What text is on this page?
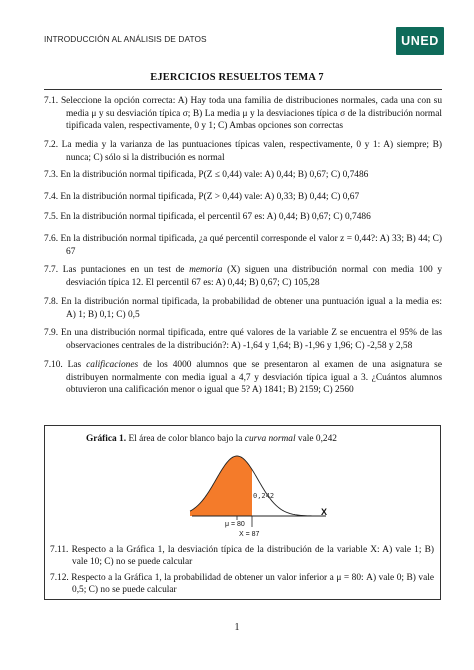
INTRODUCCIÓN AL ANÁLISIS DE DATOS	UNED
EJERCICIOS RESUELTOS TEMA 7

7.1. Seleccione la opción correcta: A) Hay toda una familia de distribuciones normales, cada una con su media μ y su desviación típica σ; B) La media μ y la desviaciones típica σ de la distribución normal tipificada valen, respectivamente, 0 y 1; C) Ambas opciones son correctas

7.2. La media y la varianza de las puntuaciones típicas valen, respectivamente, 0 y 1: A) siempre; B) nunca; C) sólo si la distribución es normal

7.3. En la distribución normal tipificada, P(Z ≤ 0,44) vale: A) 0,44; B) 0,67; C) 0,7486

7.4. En la distribución normal tipificada, P(Z > 0,44) vale: A) 0,33; B) 0,44; C) 0,67

7.5. En la distribución normal tipificada, el percentil 67 es: A) 0,44; B) 0,67; C) 0,7486

7.6. En la distribución normal tipificada, ¿a qué percentil corresponde el valor z = 0,44?: A) 33; B) 44; C) 67

7.7. Las puntaciones en un test de memoria (X) siguen una distribución normal con media 100 y desviación típica 12. El percentil 67 es: A) 0,44; B) 0,67; C) 105,28

7.8. En la distribución normal tipificada, la probabilidad de obtener una puntuación igual a la media es: A) 1; B) 0,1; C) 0,5

7.9. En una distribución normal tipificada, entre qué valores de la variable Z se encuentra el 95% de las observaciones centrales de la distribución?: A) -1,64 y 1,64; B) -1,96 y 1,96; C) -2,58 y 2,58

7.10. Las calificaciones de los 4000 alumnos que se presentaron al examen de una asignatura se distribuyen normalmente con media igual a 4,7 y desviación típica igual a 3. ¿Cuántos alumnos obtuvieron una calificación menor o igual que 5? A) 1841; B) 2159; C) 2560

Gráfica 1. El área de color blanco bajo la curva normal vale 0,242
0,242
X
μ = 80
X = 87

7.11. Respecto a la Gráfica 1, la desviación típica de la distribución de la variable X: A) vale 1; B) vale 10; C) no se puede calcular

7.12. Respecto a la Gráfica 1, la probabilidad de obtener un valor inferior a μ = 80: A) vale 0; B) vale 0,5; C) no se puede calcular

1
